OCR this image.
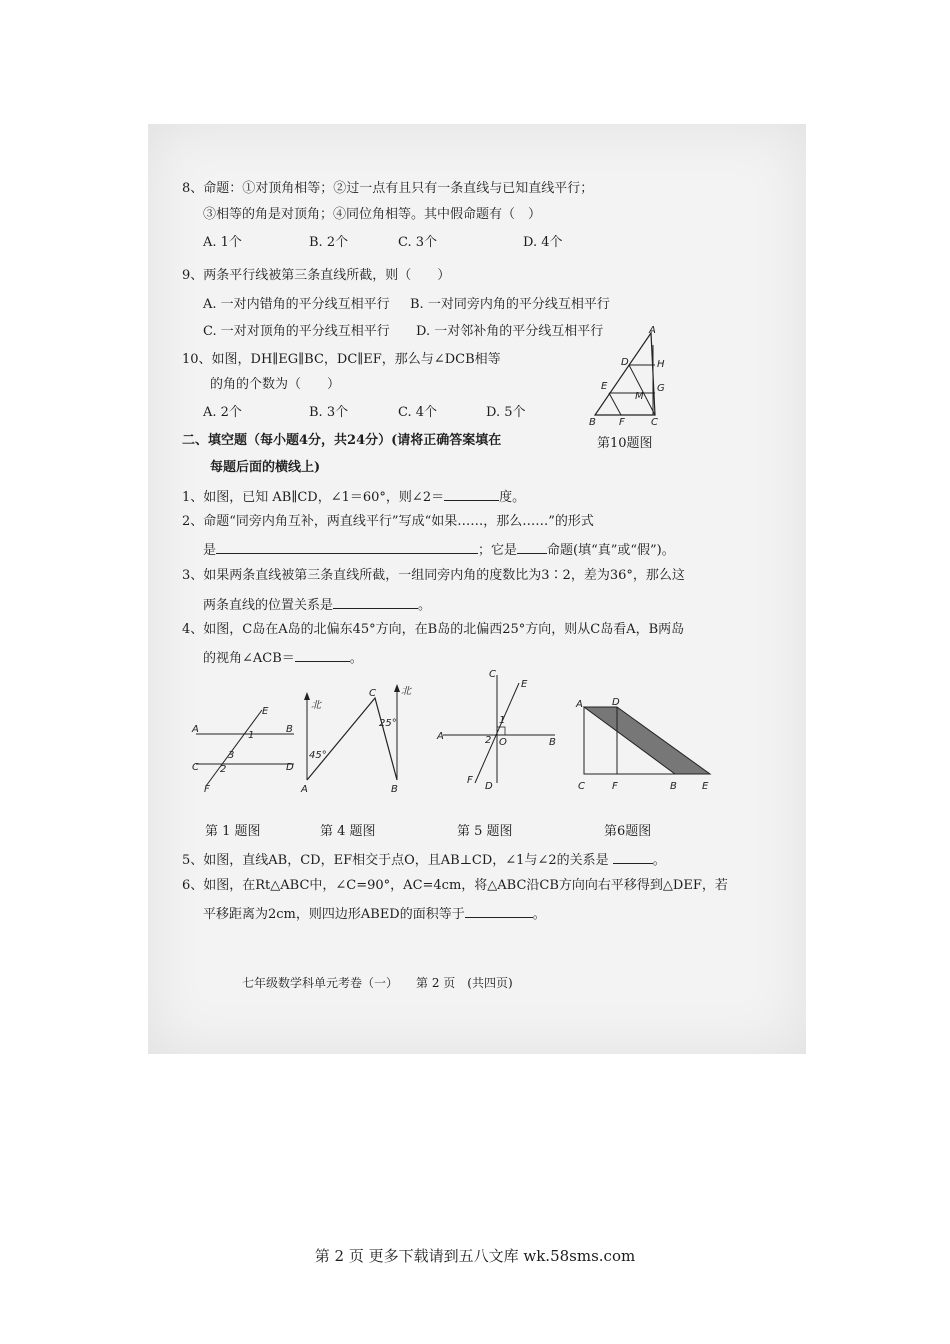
8、命题：①对顶角相等；②过一点有且只有一条直线与已知直线平行；
③相等的角是对顶角；④同位角相等。其中假命题有（　）
A. 1个	B. 2个	C. 3个	D. 4个
9、两条平行线被第三条直线所截，则（　　）
A. 一对内错角的平分线互相平行 B. 一对同旁内角的平分线互相平行
C. 一对对顶角的平分线互相平行 D. 一对邻补角的平分线互相平行
10、如图，DH∥EG∥BC，DC∥EF，那么与∠DCB相等
的角的个数为（　　）
A. 2个	B. 3个	C. 4个	D. 5个
A
D	H
E	G
M
B F	C
第10题图
二、填空题（每小题4分，共24分）(请将正确答案填在
每题后面的横线上)
1、如图，已知 AB∥CD，∠1＝60°，则∠2＝	度。
2、命题“同旁内角互补，两直线平行”写成“如果……，那么……”的形式
是	；它是 命题(填“真”或“假”)。
3、如果两条直线被第三条直线所截，一组同旁内角的度数比为3∶2，差为36°，那么这
两条直线的位置关系是	。
4、如图，C岛在A岛的北偏东45°方向，在B岛的北偏西25°方向，则从C岛看A，B两岛
的视角∠ACB＝	。
E
A
1
B
3
C 2	D
F
第 1 题图
北
北
C
25°
45°
A	B
第 4 题图
C
E
1
A	2 O	B
F
D
第 5 题图
A	D
C	F	B	E
第6题图
5、如图，直线AB，CD，EF相交于点O，且AB⊥CD，∠1与∠2的关系是	。
6、如图，在Rt△ABC中，∠C=90°，AC=4cm，将△ABC沿CB方向向右平移得到△DEF，若
平移距离为2cm，则四边形ABED的面积等于	。
七年级数学科单元考卷（一）　　第 2 页　(共四页)
第 2 页 更多下载请到五八文库 wk.58sms.com
